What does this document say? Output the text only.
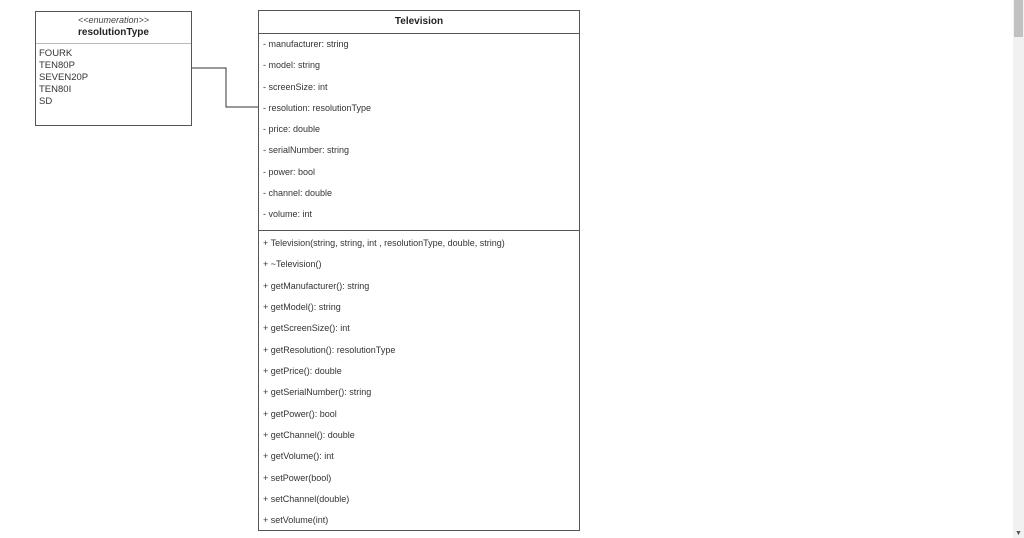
<<enumeration>>
resolutionType
FOURK
TEN80P
SEVEN20P
TEN80I
SD
Television
- manufacturer: string
- model: string
- screenSize: int
- resolution: resolutionType
- price: double
- serialNumber: string
- power: bool
- channel: double
- volume: int
+ Television(string, string, int , resolutionType, double, string)
+ ~Television()
+ getManufacturer(): string
+ getModel(): string
+ getScreenSize(): int
+ getResolution(): resolutionType
+ getPrice(): double
+ getSerialNumber(): string
+ getPower(): bool
+ getChannel(): double
+ getVolume(): int
+ setPower(bool)
+ setChannel(double)
+ setVolume(int)
▼
